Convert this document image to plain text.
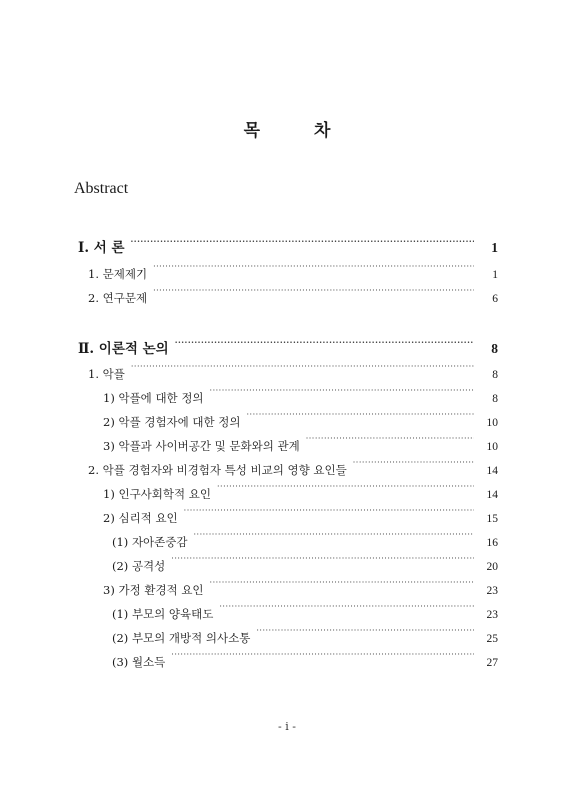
목	차
Abstract
Ⅰ. 서 론 ·····	1
1. 문제제기 ·····	1
2. 연구문제 ·····	6
Ⅱ. 이론적 논의 ·····	8
1. 악플 ·····	8
1) 악플에 대한 정의 ·····	8
2) 악플 경험자에 대한 정의 ·····	10
3) 악플과 사이버공간 및 문화와의 관계 ·····	10
2. 악플 경험자와 비경험자 특성 비교의 영향 요인들 ·····	14
1) 인구사회학적 요인 ·····	14
2) 심리적 요인 ·····	15
(1) 자아존중감 ·····	16
(2) 공격성 ·····	20
3) 가정 환경적 요인 ·····	23
(1) 부모의 양육태도 ·····	23
(2) 부모의 개방적 의사소통 ·····	25
(3) 월소득 ·····	27
- ⅰ -
